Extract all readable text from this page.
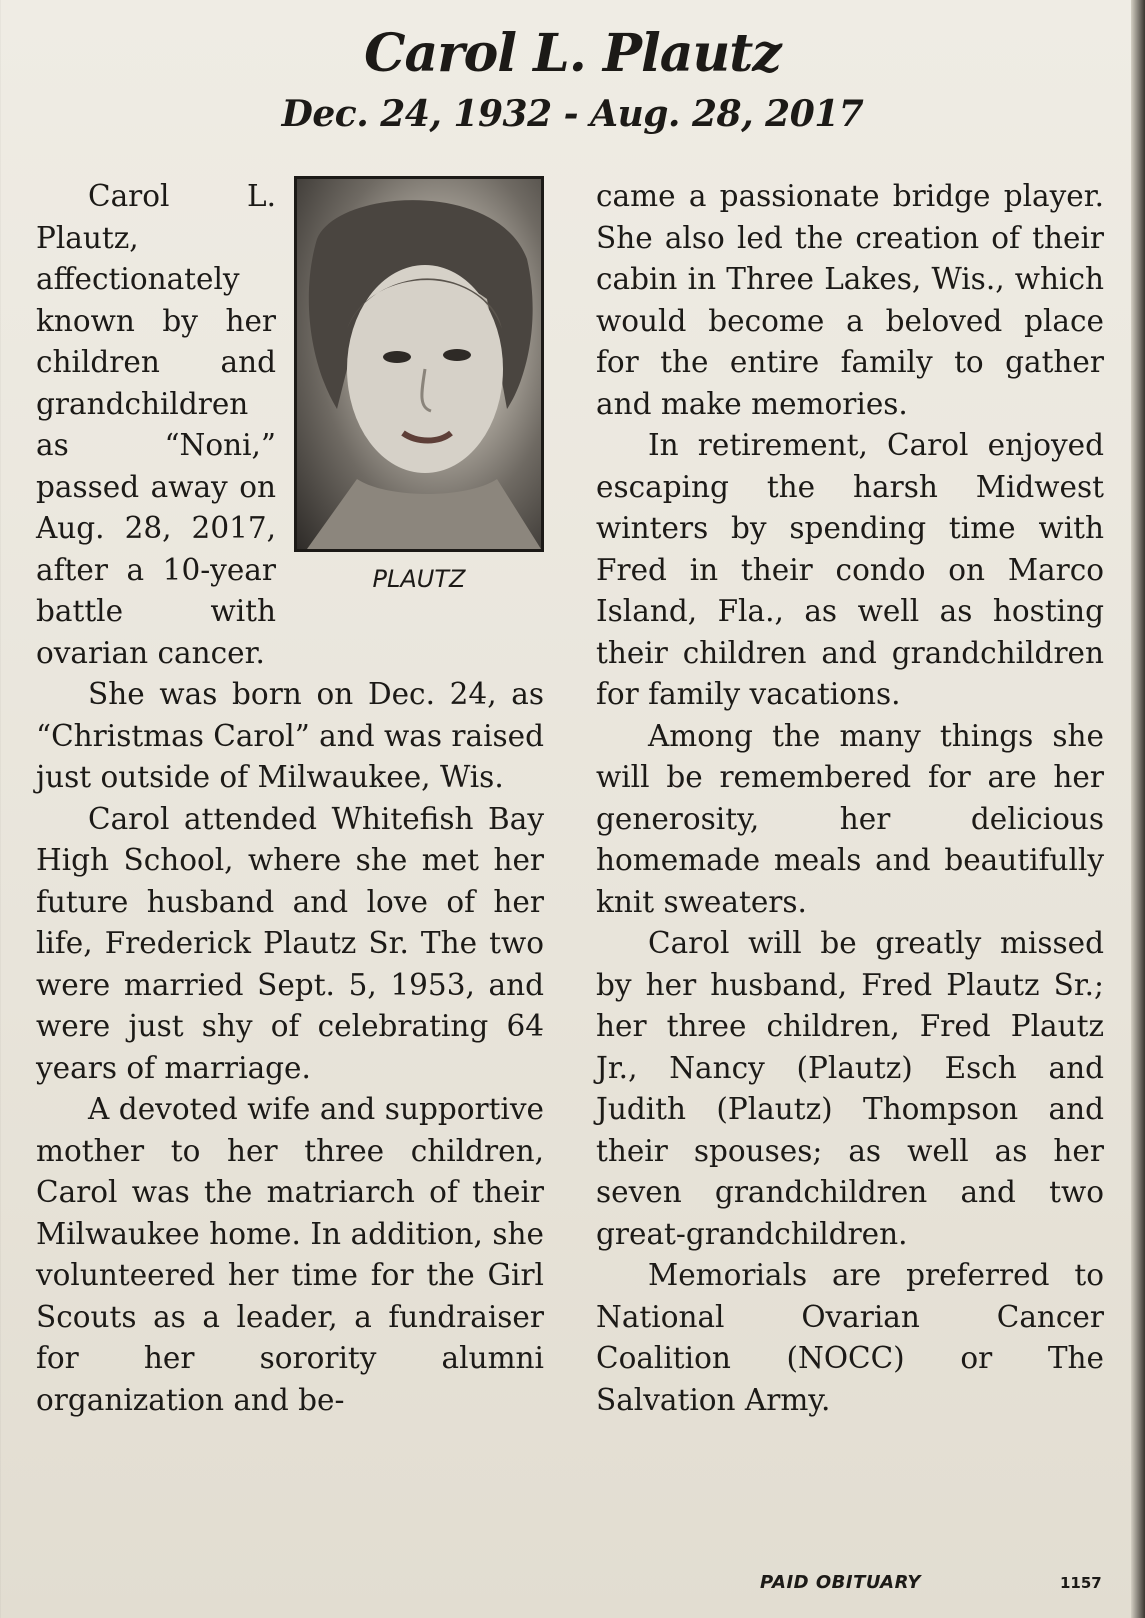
Carol L. Plautz
Dec. 24, 1932 - Aug. 28, 2017
PLAUTZ

Carol L. Plautz, affectionately known by her children and grandchildren as “Noni,” passed away on Aug. 28, 2017, after a 10-year battle with ovarian cancer.

She was born on Dec. 24, as “Christmas Carol” and was raised just outside of Milwaukee, Wis.

Carol attended Whitefish Bay High School, where she met her future husband and love of her life, Frederick Plautz Sr. The two were married Sept. 5, 1953, and were just shy of celebrating 64 years of marriage.

A devoted wife and supportive mother to her three children, Carol was the matriarch of their Milwaukee home. In addition, she volunteered her time for the Girl Scouts as a leader, a fundraiser for her sorority alumni organization and be-

came a passionate bridge player. She also led the creation of their cabin in Three Lakes, Wis., which would become a beloved place for the entire family to gather and make memories.

In retirement, Carol enjoyed escaping the harsh Midwest winters by spending time with Fred in their condo on Marco Island, Fla., as well as hosting their children and grandchildren for family vacations.

Among the many things she will be remembered for are her generosity, her delicious homemade meals and beautifully knit sweaters.

Carol will be greatly missed by her husband, Fred Plautz Sr.; her three children, Fred Plautz Jr., Nancy (Plautz) Esch and Judith (Plautz) Thompson and their spouses; as well as her seven grandchildren and two great-grandchildren.

Memorials are preferred to National Ovarian Cancer Coalition (NOCC) or The Salvation Army.

PAID OBITUARY	1157
